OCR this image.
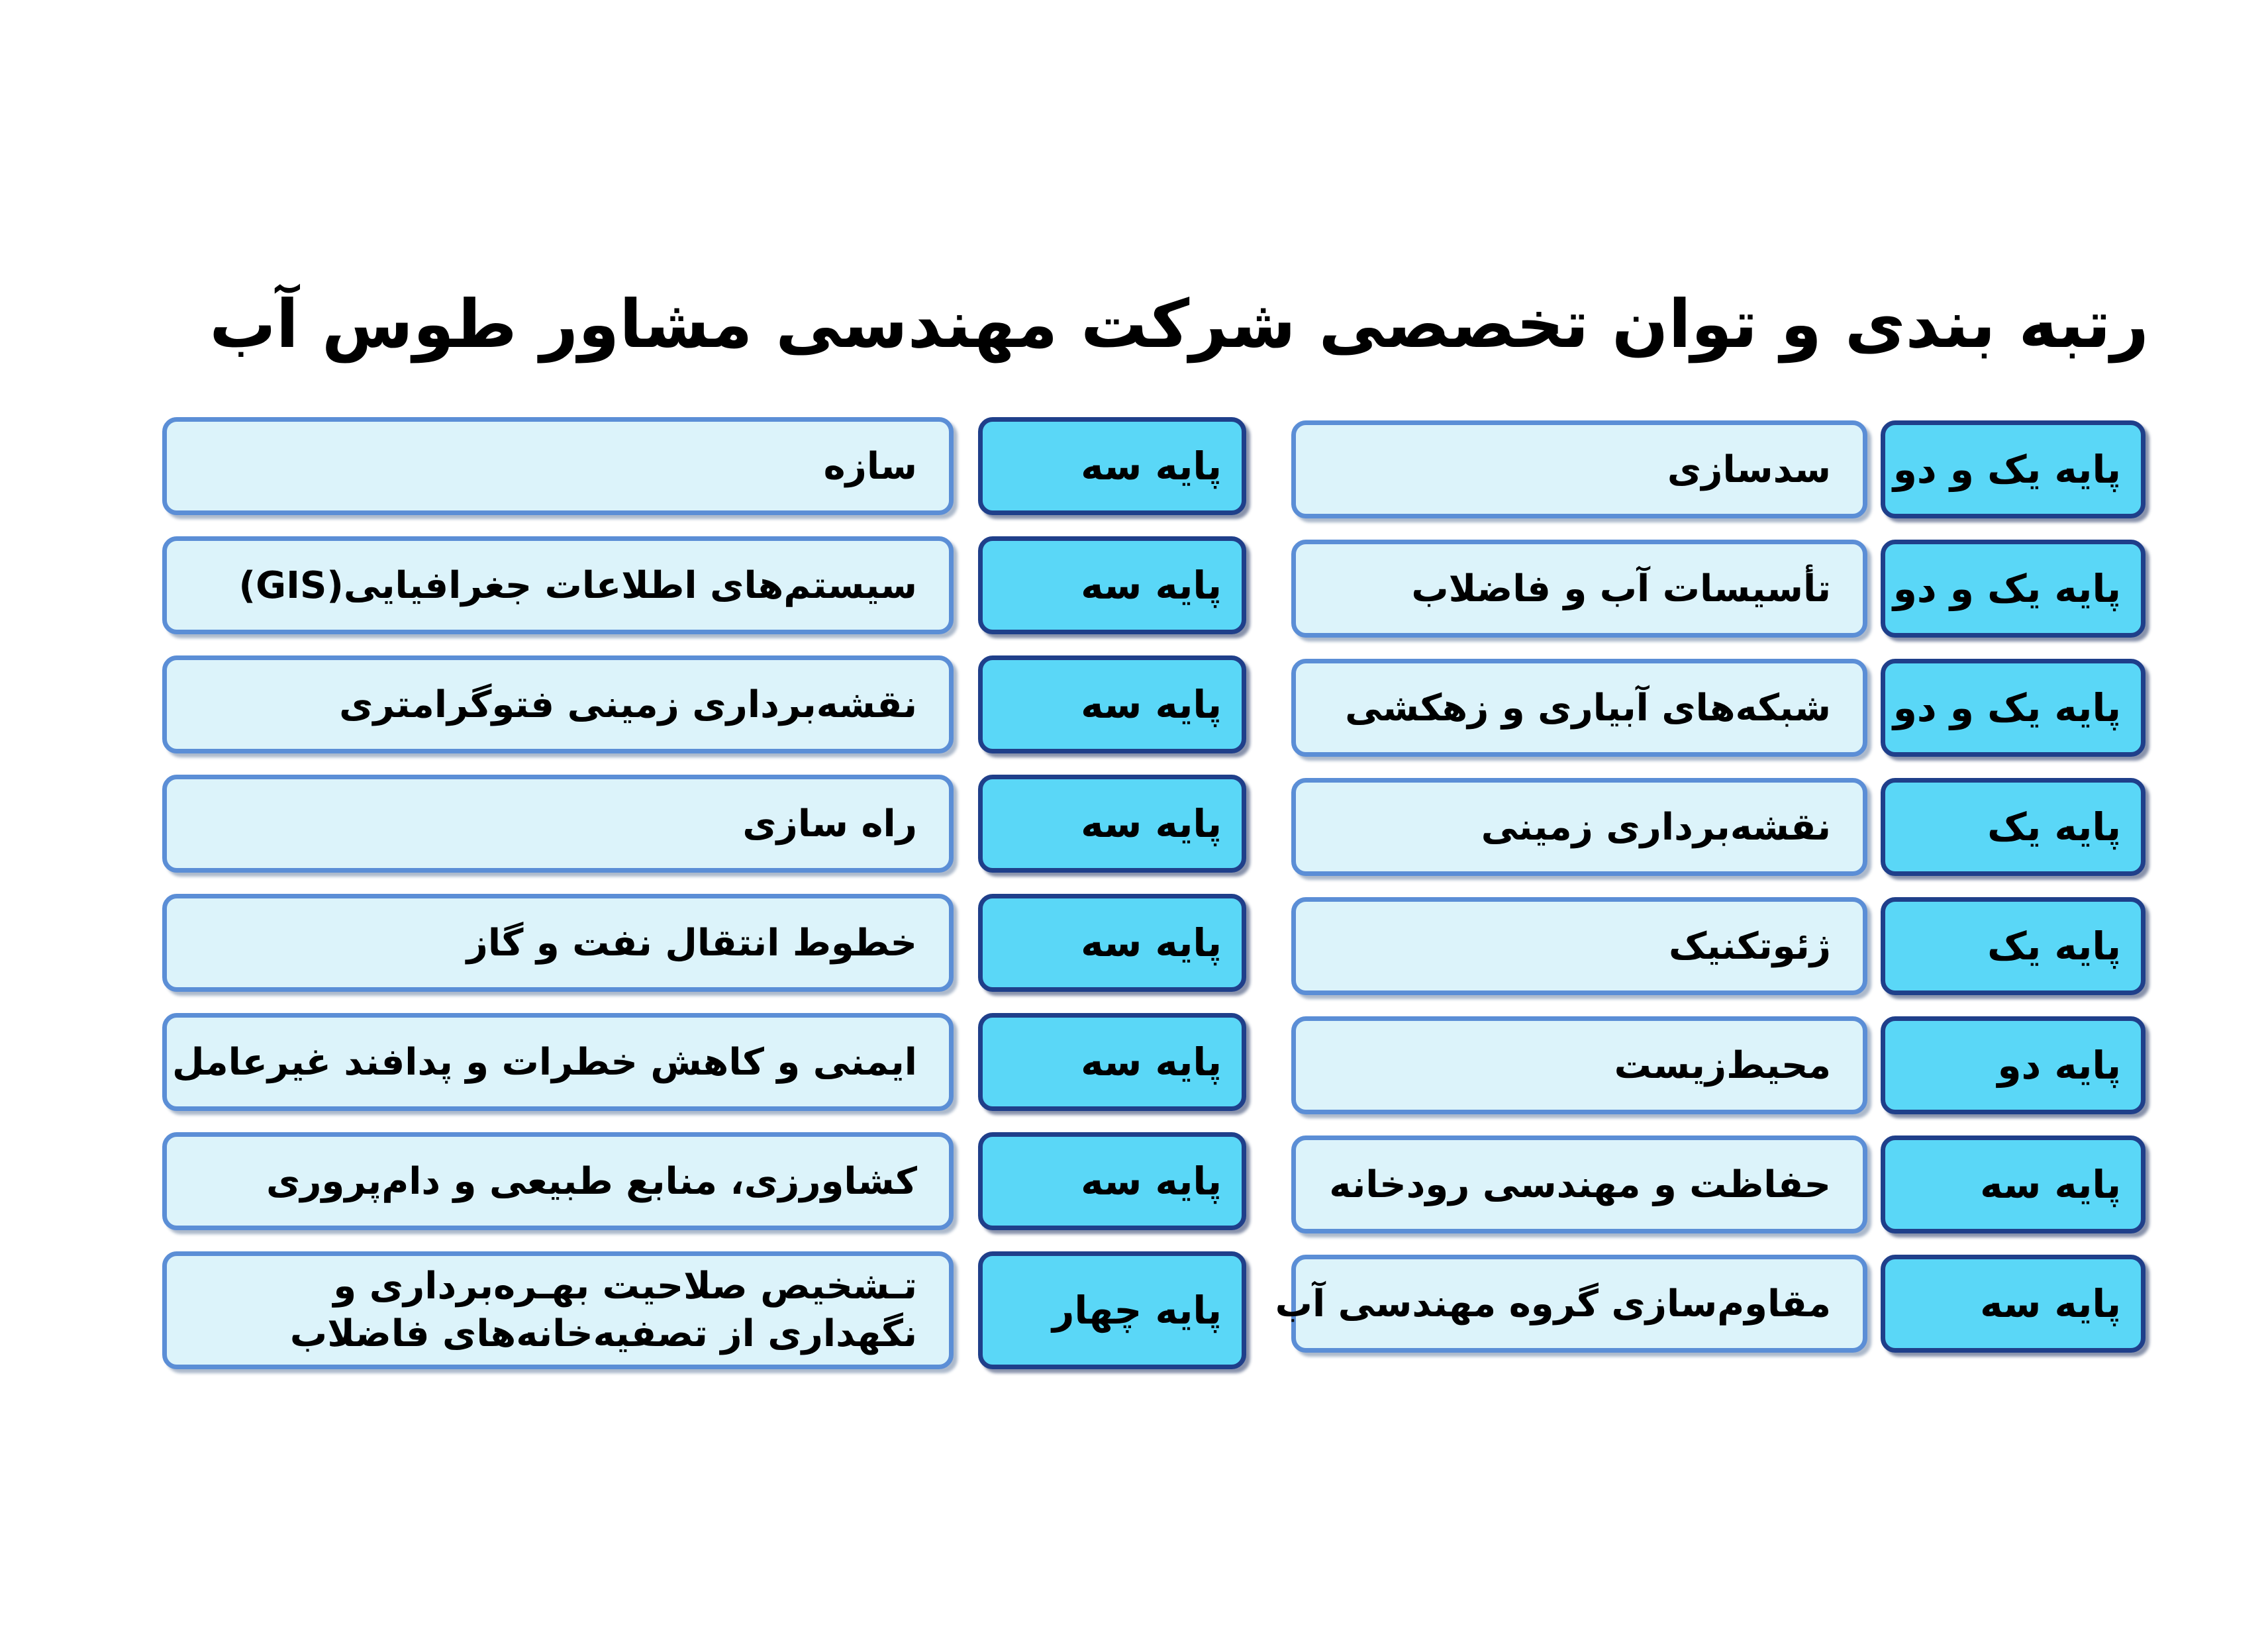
رتبه بندی و توان تخصصی شرکت مهندسی مشاور طوس آب
سدسازی	پایه یک و دو
تأسیسات آب و فاضلاب	پایه یک و دو
شبکه‌های آبیاری و زهکشی	پایه یک و دو
نقشه‌برداری زمینی	پایه یک
ژئوتکنیک	پایه یک
محیط‌زیست	پایه دو
حفاظت و مهندسی رودخانه	پایه سه
مقاوم‌سازی گروه مهندسی آب	پایه سه
سازه	پایه سه
سیستم‌های اطلاعات جغرافیایی(GIS)	پایه سه
نقشه‌برداری زمینی فتوگرامتری	پایه سه
راه سازی	پایه سه
خطوط انتقال نفت و گاز	پایه سه
ایمنی و کاهش خطرات و پدافند غیرعامل	پایه سه
کشاورزی، منابع طبیعی و دام‌پروری	پایه سه
تـشخیص صلاحیت بهـره‌برداری و نگهداری از تصفیه‌خانه‌های فاضلاب
پایه چهار
